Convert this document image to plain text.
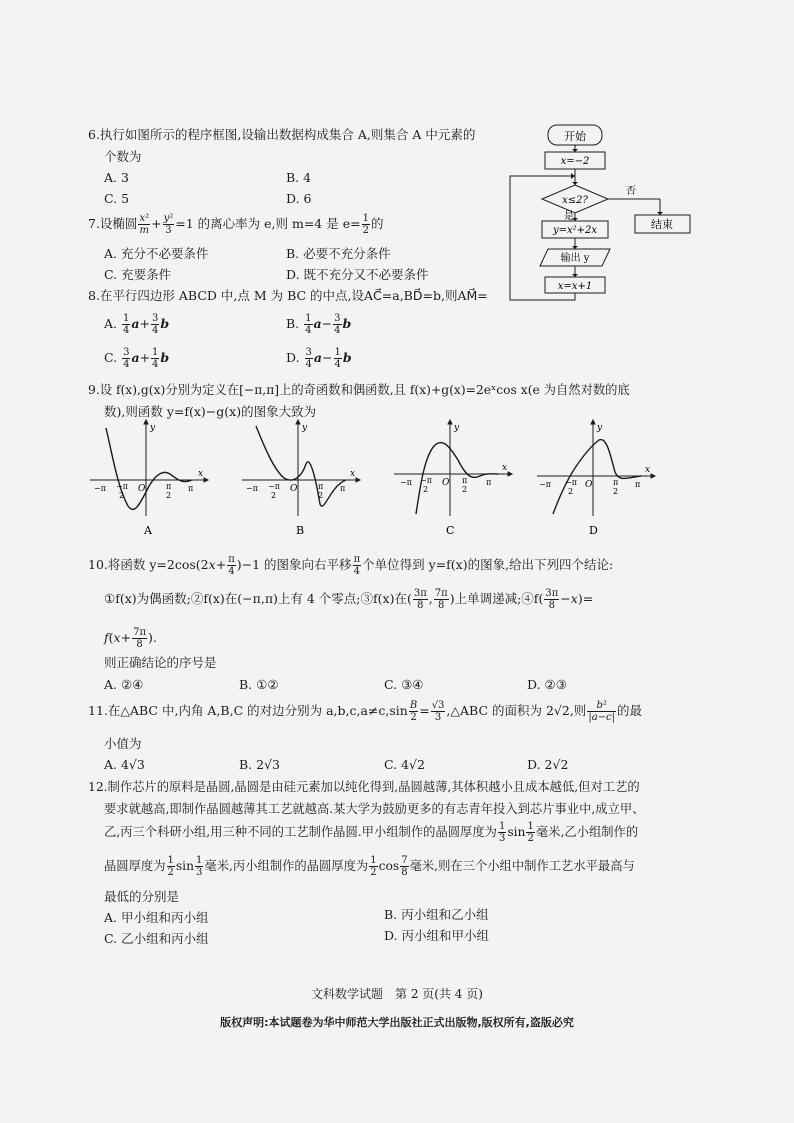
6.执行如图所示的程序框图,设输出数据构成集合 A,则集合 A 中元素的
个数为
A. 3	B. 4
C. 5	D. 6
开始
x=−2
x≤2?
否
是
结束
y=x²+2x
输出 y
x=x+1
7.设椭圆 $\frac{\text{x²}}{m} + \frac{\text{y²}}{3} =1$ 的离心率为 e,则 m=4 是 $e= \frac{1}{2}$ 的
A. 充分不必要条件	B. 必要不充分条件
C. 充要条件	D. 既不充分又不必要条件
8.在平行四边形 ABCD 中,点 M 为 BC 的中点,设AC⃗=a,BD⃗=b,则AM⃗=
A. $\frac{1}{4} a+ \frac{3}{4}$ b	B. $\frac{1}{4} a- \frac{3}{4}$ b
C. $\frac{3}{4} a+ \frac{1}{4}$ b	D. $\frac{3}{4} a- \frac{1}{4}$ b
9.设 f(x),g(x)分别为定义在[−π,π]上的奇函数和偶函数,且 f(x)+g(x)=2eˣcos x(e 为自然对数的底
数),则函数 y=f(x)−g(x)的图象大致为
y
x
O
−π −π
2
π
2
π
A
y
x
O
−π −π
2
π
2
π
B
y
x
O
−π −π
2
π
2
π
C
y
x
O
−π −π
2
π
2
π
D
10.将函数 $y=2\cos(2x+ \frac{\pi}{4} )-1$ 的图象向右平移 $\frac{\pi}{4}$ 个单位得到 y=f(x)的图象,给出下列四个结论:
①f(x)为偶函数;②f(x)在(−π,π)上有 4 个零点;③f(x)在( $\frac{3\pi}{8}$ , $\frac{7\pi}{8}$ )上单调递减;④f( $\frac{3\pi}{8} -x)=$
$f(x+ \frac{7\pi}{8}$ ).
则正确结论的序号是
A. ②④	B. ①②	C. ③④	D. ②③
11.在△ABC 中,内角 A,B,C 的对边分别为 $a,b,c,a\ne c,\sin \frac{B}{2} = \frac{√3}{3}$ ,△ABC 的面积为 2√2,则 $\frac{\text{b²}}{|a-c|}$ 的最
小值为
A. 4√3	B. 2√3	C. 4√2	D. 2√2
12.制作芯片的原料是晶圆,晶圆是由硅元素加以纯化得到,晶圆越薄,其体积越小且成本越低,但对工艺的
要求就越高,即制作晶圆越薄其工艺就越高.某大学为鼓励更多的有志青年投入到芯片事业中,成立甲、
乙,丙三个科研小组,用三种不同的工艺制作晶圆.甲小组制作的晶圆厚度为 $\frac{1}{3}$ $\sin \frac{1}{2}$ 毫米,乙小组制作的
晶圆厚度为 $\frac{1}{2}$ $\sin \frac{1}{3}$ 毫米,丙小组制作的晶圆厚度为 $\frac{1}{2}$ $\cos \frac{7}{8}$ 毫米,则在三个小组中制作工艺水平最高与
最低的分别是
A. 甲小组和丙小组	B. 丙小组和乙小组
C. 乙小组和丙小组	D. 丙小组和甲小组
文科数学试题　第 2 页(共 4 页)
版权声明:本试题卷为华中师范大学出版社正式出版物,版权所有,盗版必究
